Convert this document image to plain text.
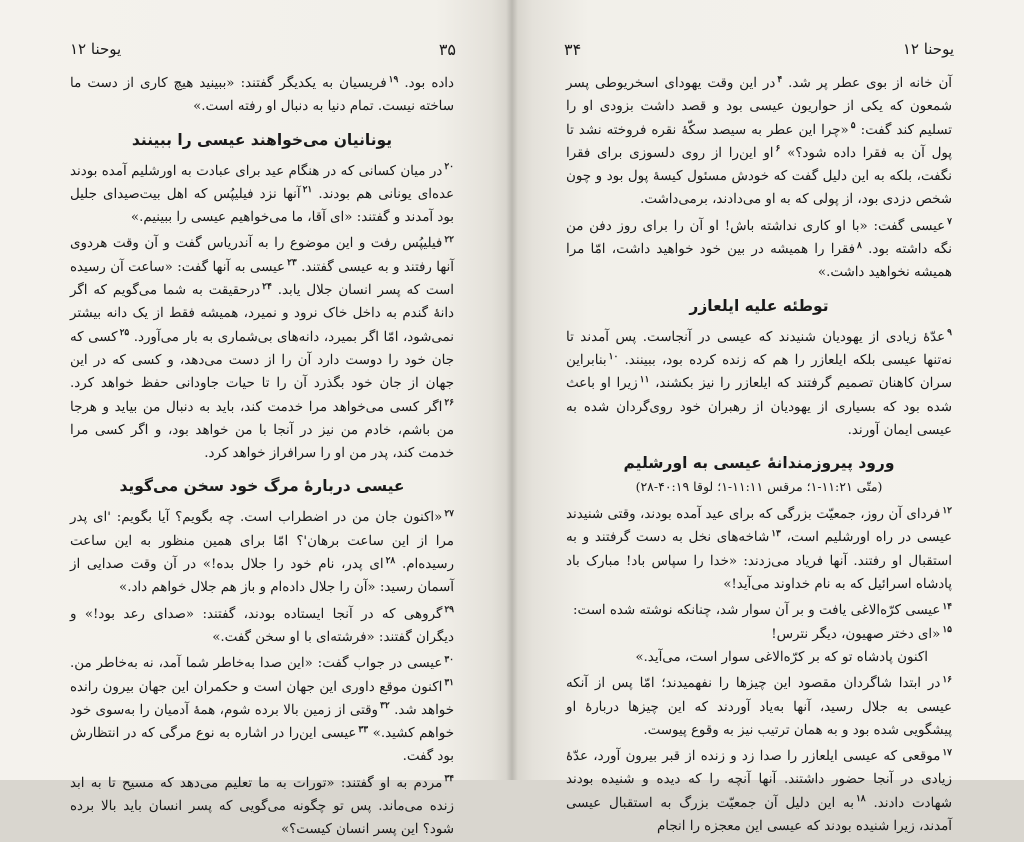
یوحنا ۱۲	۳۵

داده بود. $^{۱۹}$فریسیان به یکدیگر گفتند: «ببینید هیچ کاری از دست ما ساخته نیست. تمام دنیا به دنبال او رفته است.»

یونانیان می‌خواهند عیسی را ببینند

$^{۲۰}$در میان کسانی که در هنگام عید برای عبادت به اورشلیم آمده بودند عده‌ای یونانی هم بودند. $^{۲۱}$آنها نزد فیلیپُس که اهل بیت‌صیدای جلیل بود آمدند و گفتند: «ای آقا، ما می‌خواهیم عیسی را ببینیم.»

$^{۲۲}$فیلیپُس رفت و این موضوع را به آندریاس گفت و آن وقت هردوی آنها رفتند و به عیسی گفتند. $^{۲۳}$عیسی به آنها گفت: «ساعت آن رسیده است که پسر انسان جلال یابد. $^{۲۴}$درحقیقت به شما می‌گویم که اگر دانهٔ گندم به داخل خاک نرود و نمیرد، همیشه فقط از یک دانه بیشتر نمی‌شود، امّا اگر بمیرد، دانه‌های بی‌شماری به بار می‌آورد. $^{۲۵}$کسی که جان خود را دوست دارد آن را از دست می‌دهد، و کسی که در این جهان از جان خود بگذرد آن را تا حیات جاودانی حفظ خواهد کرد. $^{۲۶}$اگر کسی می‌خواهد مرا خدمت کند، باید به دنبال من بیاید و هرجا من باشم، خادم من نیز در آنجا با من خواهد بود، و اگر کسی مرا خدمت کند، پدر من او را سرافراز خواهد کرد.

عیسی دربارهٔ مرگ خود سخن می‌گوید

$^{۲۷}$«اکنون جان من در اضطراب است. چه بگویم؟ آیا بگویم: 'ای پدر مرا از این ساعت برهان'؟ امّا برای همین منظور به این ساعت رسیده‌ام. $^{۲۸}$ای پدر، نام خود را جلال بده!» در آن وقت صدایی از آسمان رسید: «آن را جلال داده‌ام و باز هم جلال خواهم داد.»

$^{۲۹}$گروهی که در آنجا ایستاده بودند، گفتند: «صدای رعد بود!» و دیگران گفتند: «فرشته‌ای با او سخن گفت.»

$^{۳۰}$عیسی در جواب گفت: «این صدا به‌خاطر شما آمد، نه به‌خاطر من. $^{۳۱}$اکنون موقع داوری این جهان است و حکمران این جهان بیرون رانده خواهد شد. $^{۳۲}$وقتی از زمین بالا برده شوم، همهٔ آدمیان را به‌سوی خود خواهم کشید.» $^{۳۳}$عیسی این‌را در اشاره به نوع مرگی که در انتظارش بود گفت.

$^{۳۴}$مردم به او گفتند: «تورات به ما تعلیم می‌دهد که مسیح تا به ابد زنده می‌ماند. پس تو چگونه می‌گویی که پسر انسان باید بالا برده شود؟ این پسر انسان کیست؟»

۳۴	یوحنا ۱۲

آن خانه از بوی عطر پر شد. $^۴$در این وقت یهودای اسخریوطی پسر شمعون که یکی از حواریون عیسی بود و قصد داشت بزودی او را تسلیم کند گفت: $^۵$«چرا این عطر به سیصد سکّهٔ نقره فروخته نشد تا پول آن به فقرا داده شود؟» $^۶$او این‌را از روی دلسوزی برای فقرا نگفت، بلکه به این دلیل گفت که خودش مسئول کیسهٔ پول بود و چون شخص دزدی بود، از پولی که به او می‌دادند، برمی‌داشت.

$^۷$عیسی گفت: «با او کاری نداشته باش! او آن را برای روز دفن من نگه داشته بود. $^۸$فقرا را همیشه در بین خود خواهید داشت، امّا مرا همیشه نخواهید داشت.»

توطئه علیه ایلعازر

$^۹$عدّهٔ زیادی از یهودیان شنیدند که عیسی در آنجاست. پس آمدند تا نه‌تنها عیسی بلکه ایلعازر را هم که زنده کرده بود، ببینند. $^{۱۰}$بنابراین سران کاهنان تصمیم گرفتند که ایلعازر را نیز بکشند، $^{۱۱}$زیرا او باعث شده بود که بسیاری از یهودیان از رهبران خود روی‌گردان شده به عیسی ایمان آورند.

ورود پیروزمندانهٔ عیسی به اورشلیم
(متّی ۲۱:‏۱-۱۱؛ مرقس ۱۱:‏۱-۱۱؛ لوقا ۱۹:‏۲۸-۴۰)

$^{۱۲}$فردای آن روز، جمعیّت بزرگی که برای عید آمده بودند، وقتی شنیدند عیسی در راه اورشلیم است، $^{۱۳}$شاخه‌های نخل به دست گرفتند و به استقبال او رفتند. آنها فریاد می‌زدند: «خدا را سپاس باد! مبارک باد پادشاه اسرائیل که به نام خداوند می‌آید!»

$^{۱۴}$عیسی کرّه‌الاغی یافت و بر آن سوار شد، چنانکه نوشته شده است:

$^{۱۵}$«ای دختر صهیون، دیگر نترس!

اکنون پادشاه تو که بر کرّه‌الاغی سوار است، می‌آید.»

$^{۱۶}$در ابتدا شاگردان مقصود این چیزها را نفهمیدند؛ امّا پس از آنکه عیسی به جلال رسید، آنها به‌یاد آوردند که این چیزها دربارهٔ او پیشگویی شده بود و به همان ترتیب نیز به وقوع پیوست.

$^{۱۷}$موقعی که عیسی ایلعازر را صدا زد و زنده از قبر بیرون آورد، عدّهٔ زیادی در آنجا حضور داشتند. آنها آنچه را که دیده و شنیده بودند شهادت دادند. $^{۱۸}$به این دلیل آن جمعیّت بزرگ به استقبال عیسی آمدند، زیرا شنیده بودند که عیسی این معجزه را انجام
